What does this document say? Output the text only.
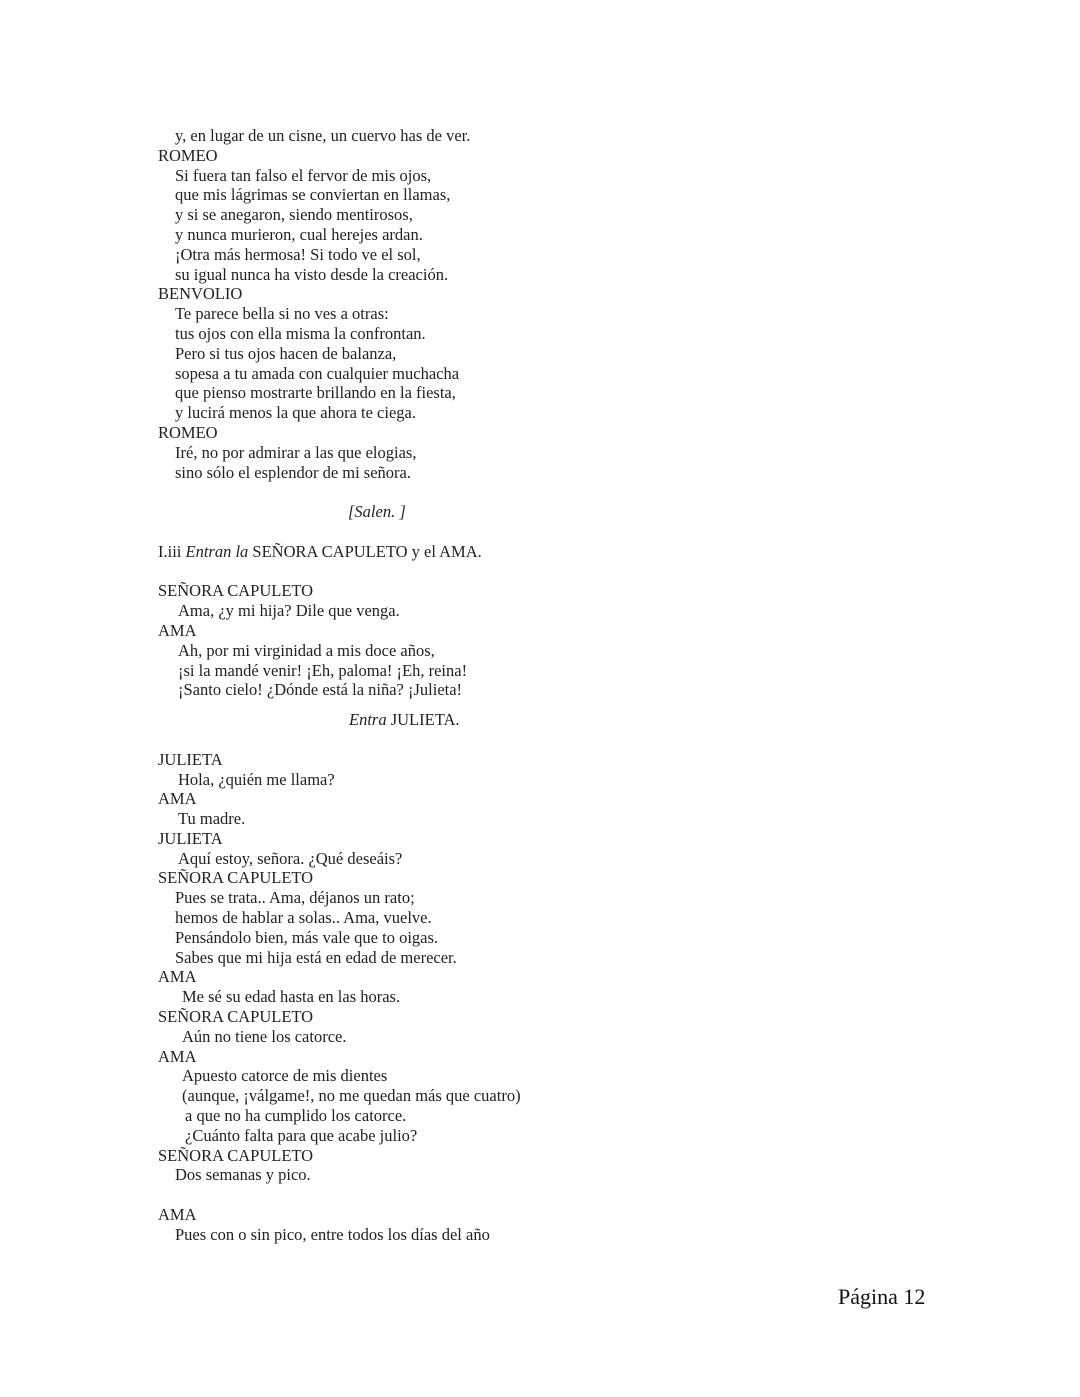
y, en lugar de un cisne, un cuervo has de ver.
ROMEO
Si fuera tan falso el fervor de mis ojos,
que mis lágrimas se conviertan en llamas,
y si se anegaron, siendo mentirosos,
y nunca murieron, cual herejes ardan.
¡Otra más hermosa! Si todo ve el sol,
su igual nunca ha visto desde la creación.
BENVOLIO
Te parece bella si no ves a otras:
tus ojos con ella misma la confrontan.
Pero si tus ojos hacen de balanza,
sopesa a tu amada con cualquier muchacha
que pienso mostrarte brillando en la fiesta,
y lucirá menos la que ahora te ciega.
ROMEO
Iré, no por admirar a las que elogias,
sino sólo el esplendor de mi señora.
[Salen. ]
I.iii Entran la SEÑORA CAPULETO y el AMA.
SEÑORA CAPULETO
Ama, ¿y mi hija? Dile que venga.
AMA
Ah, por mi virginidad a mis doce años,
¡si la mandé venir! ¡Eh, paloma! ¡Eh, reina!
¡Santo cielo! ¿Dónde está la niña? ¡Julieta!
Entra JULIETA.
JULIETA
Hola, ¿quién me llama?
AMA
Tu madre.
JULIETA
Aquí estoy, señora. ¿Qué deseáis?
SEÑORA CAPULETO
Pues se trata.. Ama, déjanos un rato;
hemos de hablar a solas.. Ama, vuelve.
Pensándolo bien, más vale que to oigas.
Sabes que mi hija está en edad de merecer.
AMA
Me sé su edad hasta en las horas.
SEÑORA CAPULETO
Aún no tiene los catorce.
AMA
Apuesto catorce de mis dientes
(aunque, ¡válgame!, no me quedan más que cuatro)
a que no ha cumplido los catorce.
¿Cuánto falta para que acabe julio?
SEÑORA CAPULETO
Dos semanas y pico.
AMA
Pues con o sin pico, entre todos los días del año
Página 12
